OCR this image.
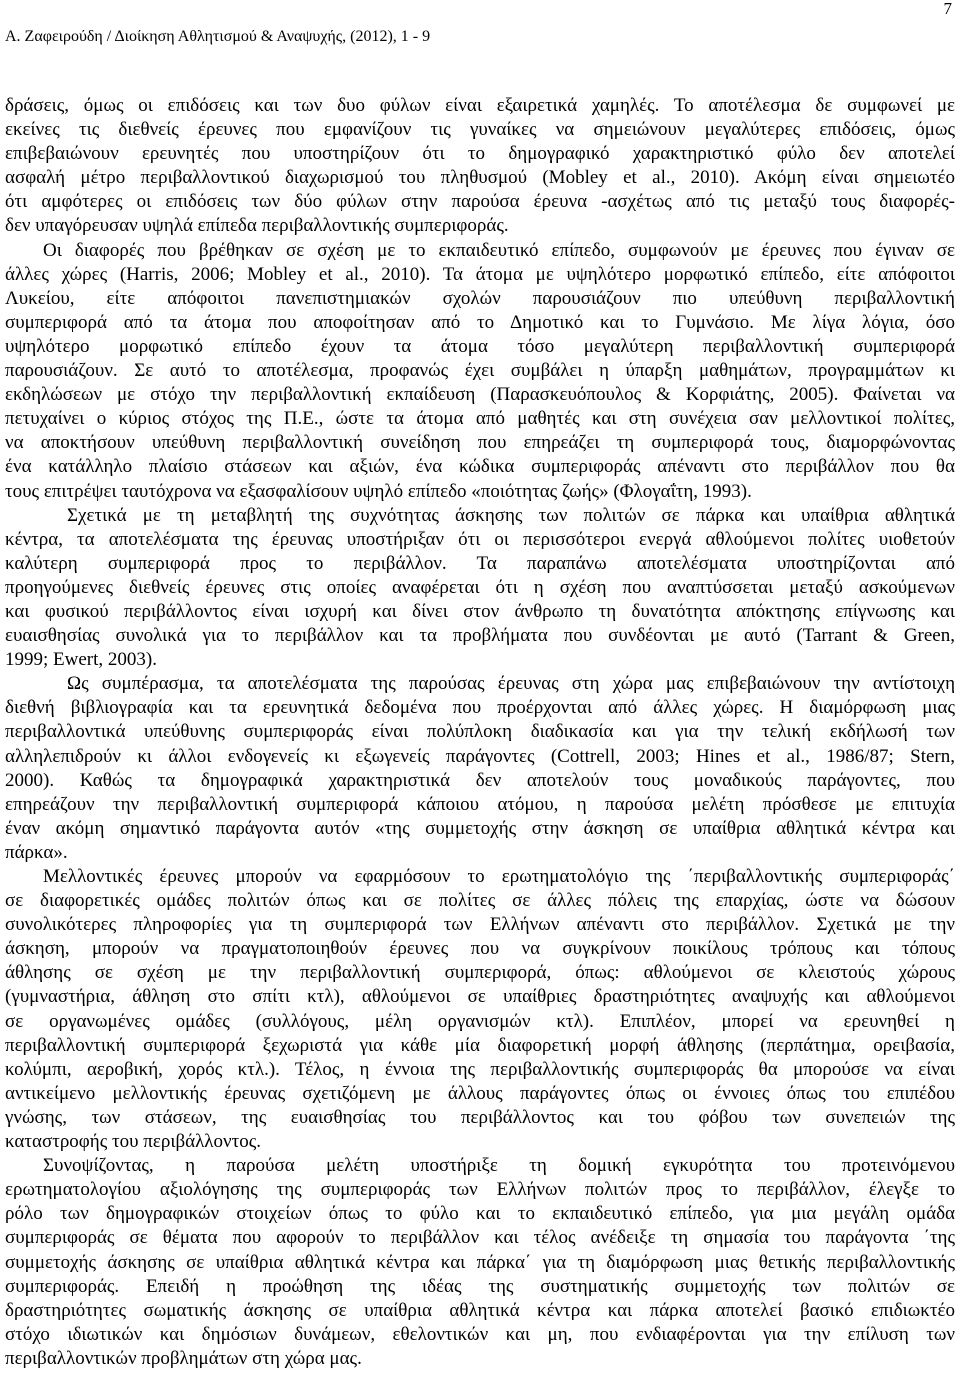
7
Α. Ζαφειρούδη / Διοίκηση Αθλητισμού & Αναψυχής, (2012), 1 - 9
δράσεις, όμως οι επιδόσεις και των δυο φύλων είναι εξαιρετικά χαμηλές. Το αποτέλεσμα δε συμφωνεί με
εκείνες τις διεθνείς έρευνες που εμφανίζουν τις γυναίκες να σημειώνουν μεγαλύτερες επιδόσεις, όμως
επιβεβαιώνουν ερευνητές που υποστηρίζουν ότι το δημογραφικό χαρακτηριστικό φύλο δεν αποτελεί
ασφαλή μέτρο περιβαλλοντικού διαχωρισμού του πληθυσμού (Mobley et al., 2010). Ακόμη είναι σημειωτέο
ότι αμφότερες οι επιδόσεις των δύο φύλων στην παρούσα έρευνα -ασχέτως από τις μεταξύ τους διαφορές-
δεν υπαγόρευσαν υψηλά επίπεδα περιβαλλοντικής συμπεριφοράς.
Οι διαφορές που βρέθηκαν σε σχέση με το εκπαιδευτικό επίπεδο, συμφωνούν με έρευνες που έγιναν σε
άλλες χώρες (Harris, 2006; Mobley et al., 2010). Τα άτομα με υψηλότερο μορφωτικό επίπεδο, είτε απόφοιτοι
Λυκείου, είτε απόφοιτοι πανεπιστημιακών σχολών παρουσιάζουν πιο υπεύθυνη περιβαλλοντική
συμπεριφορά από τα άτομα που αποφοίτησαν από το Δημοτικό και το Γυμνάσιο. Με λίγα λόγια, όσο
υψηλότερο μορφωτικό επίπεδο έχουν τα άτομα τόσο μεγαλύτερη περιβαλλοντική συμπεριφορά
παρουσιάζουν. Σε αυτό το αποτέλεσμα, προφανώς έχει συμβάλει η ύπαρξη μαθημάτων, προγραμμάτων κι
εκδηλώσεων με στόχο την περιβαλλοντική εκπαίδευση (Παρασκευόπουλος & Κορφιάτης, 2005). Φαίνεται να
πετυχαίνει ο κύριος στόχος της Π.Ε., ώστε τα άτομα από μαθητές και στη συνέχεια σαν μελλοντικοί πολίτες,
να αποκτήσουν υπεύθυνη περιβαλλοντική συνείδηση που επηρεάζει τη συμπεριφορά τους, διαμορφώνοντας
ένα κατάλληλο πλαίσιο στάσεων και αξιών, ένα κώδικα συμπεριφοράς απέναντι στο περιβάλλον που θα
τους επιτρέψει ταυτόχρονα να εξασφαλίσουν υψηλό επίπεδο «ποιότητας ζωής» (Φλογαΐτη, 1993).
Σχετικά με τη μεταβλητή της συχνότητας άσκησης των πολιτών σε πάρκα και υπαίθρια αθλητικά
κέντρα, τα αποτελέσματα της έρευνας υποστήριξαν ότι οι περισσότεροι ενεργά αθλούμενοι πολίτες υιοθετούν
καλύτερη συμπεριφορά προς το περιβάλλον. Τα παραπάνω αποτελέσματα υποστηρίζονται από
προηγούμενες διεθνείς έρευνες στις οποίες αναφέρεται ότι η σχέση που αναπτύσσεται μεταξύ ασκούμενων
και φυσικού περιβάλλοντος είναι ισχυρή και δίνει στον άνθρωπο τη δυνατότητα απόκτησης επίγνωσης και
ευαισθησίας συνολικά για το περιβάλλον και τα προβλήματα που συνδέονται με αυτό (Tarrant & Green,
1999; Ewert, 2003).
Ως συμπέρασμα, τα αποτελέσματα της παρούσας έρευνας στη χώρα μας επιβεβαιώνουν την αντίστοιχη
διεθνή βιβλιογραφία και τα ερευνητικά δεδομένα που προέρχονται από άλλες χώρες. Η διαμόρφωση μιας
περιβαλλοντικά υπεύθυνης συμπεριφοράς είναι πολύπλοκη διαδικασία και για την τελική εκδήλωσή των
αλληλεπιδρούν κι άλλοι ενδογενείς κι εξωγενείς παράγοντες (Cottrell, 2003; Hines et al., 1986/87; Stern,
2000). Καθώς τα δημογραφικά χαρακτηριστικά δεν αποτελούν τους μοναδικούς παράγοντες, που
επηρεάζουν την περιβαλλοντική συμπεριφορά κάποιου ατόμου, η παρούσα μελέτη πρόσθεσε με επιτυχία
έναν ακόμη σημαντικό παράγοντα αυτόν «της συμμετοχής στην άσκηση σε υπαίθρια αθλητικά κέντρα και
πάρκα».
Μελλοντικές έρευνες μπορούν να εφαρμόσουν το ερωτηματολόγιο της ΄περιβαλλοντικής συμπεριφοράς΄
σε διαφορετικές ομάδες πολιτών όπως και σε πολίτες σε άλλες πόλεις της επαρχίας, ώστε να δώσουν
συνολικότερες πληροφορίες για τη συμπεριφορά των Ελλήνων απέναντι στο περιβάλλον. Σχετικά με την
άσκηση, μπορούν να πραγματοποιηθούν έρευνες που να συγκρίνουν ποικίλους τρόπους και τόπους
άθλησης σε σχέση με την περιβαλλοντική συμπεριφορά, όπως: αθλούμενοι σε κλειστούς χώρους
(γυμναστήρια, άθληση στο σπίτι κτλ), αθλούμενοι σε υπαίθριες δραστηριότητες αναψυχής και αθλούμενοι
σε οργανωμένες ομάδες (συλλόγους, μέλη οργανισμών κτλ). Επιπλέον, μπορεί να ερευνηθεί η
περιβαλλοντική συμπεριφορά ξεχωριστά για κάθε μία διαφορετική μορφή άθλησης (περπάτημα, ορειβασία,
κολύμπι, αεροβική, χορός κτλ.). Τέλος, η έννοια της περιβαλλοντικής συμπεριφοράς θα μπορούσε να είναι
αντικείμενο μελλοντικής έρευνας σχετιζόμενη με άλλους παράγοντες όπως οι έννοιες όπως του επιπέδου
γνώσης, των στάσεων, της ευαισθησίας του περιβάλλοντος και του φόβου των συνεπειών της
καταστροφής του περιβάλλοντος.
Συνοψίζοντας, η παρούσα μελέτη υποστήριξε τη δομική εγκυρότητα του προτεινόμενου
ερωτηματολογίου αξιολόγησης της συμπεριφοράς των Ελλήνων πολιτών προς το περιβάλλον, έλεγξε το
ρόλο των δημογραφικών στοιχείων όπως το φύλο και το εκπαιδευτικό επίπεδο, για μια μεγάλη ομάδα
συμπεριφοράς σε θέματα που αφορούν το περιβάλλον και τέλος ανέδειξε τη σημασία του παράγοντα ΄της
συμμετοχής άσκησης σε υπαίθρια αθλητικά κέντρα και πάρκα΄ για τη διαμόρφωση μιας θετικής περιβαλλοντικής
συμπεριφοράς. Επειδή η προώθηση της ιδέας της συστηματικής συμμετοχής των πολιτών σε
δραστηριότητες σωματικής άσκησης σε υπαίθρια αθλητικά κέντρα και πάρκα αποτελεί βασικό επιδιωκτέο
στόχο ιδιωτικών και δημόσιων δυνάμεων, εθελοντικών και μη, που ενδιαφέρονται για την επίλυση των
περιβαλλοντικών προβλημάτων στη χώρα μας.
